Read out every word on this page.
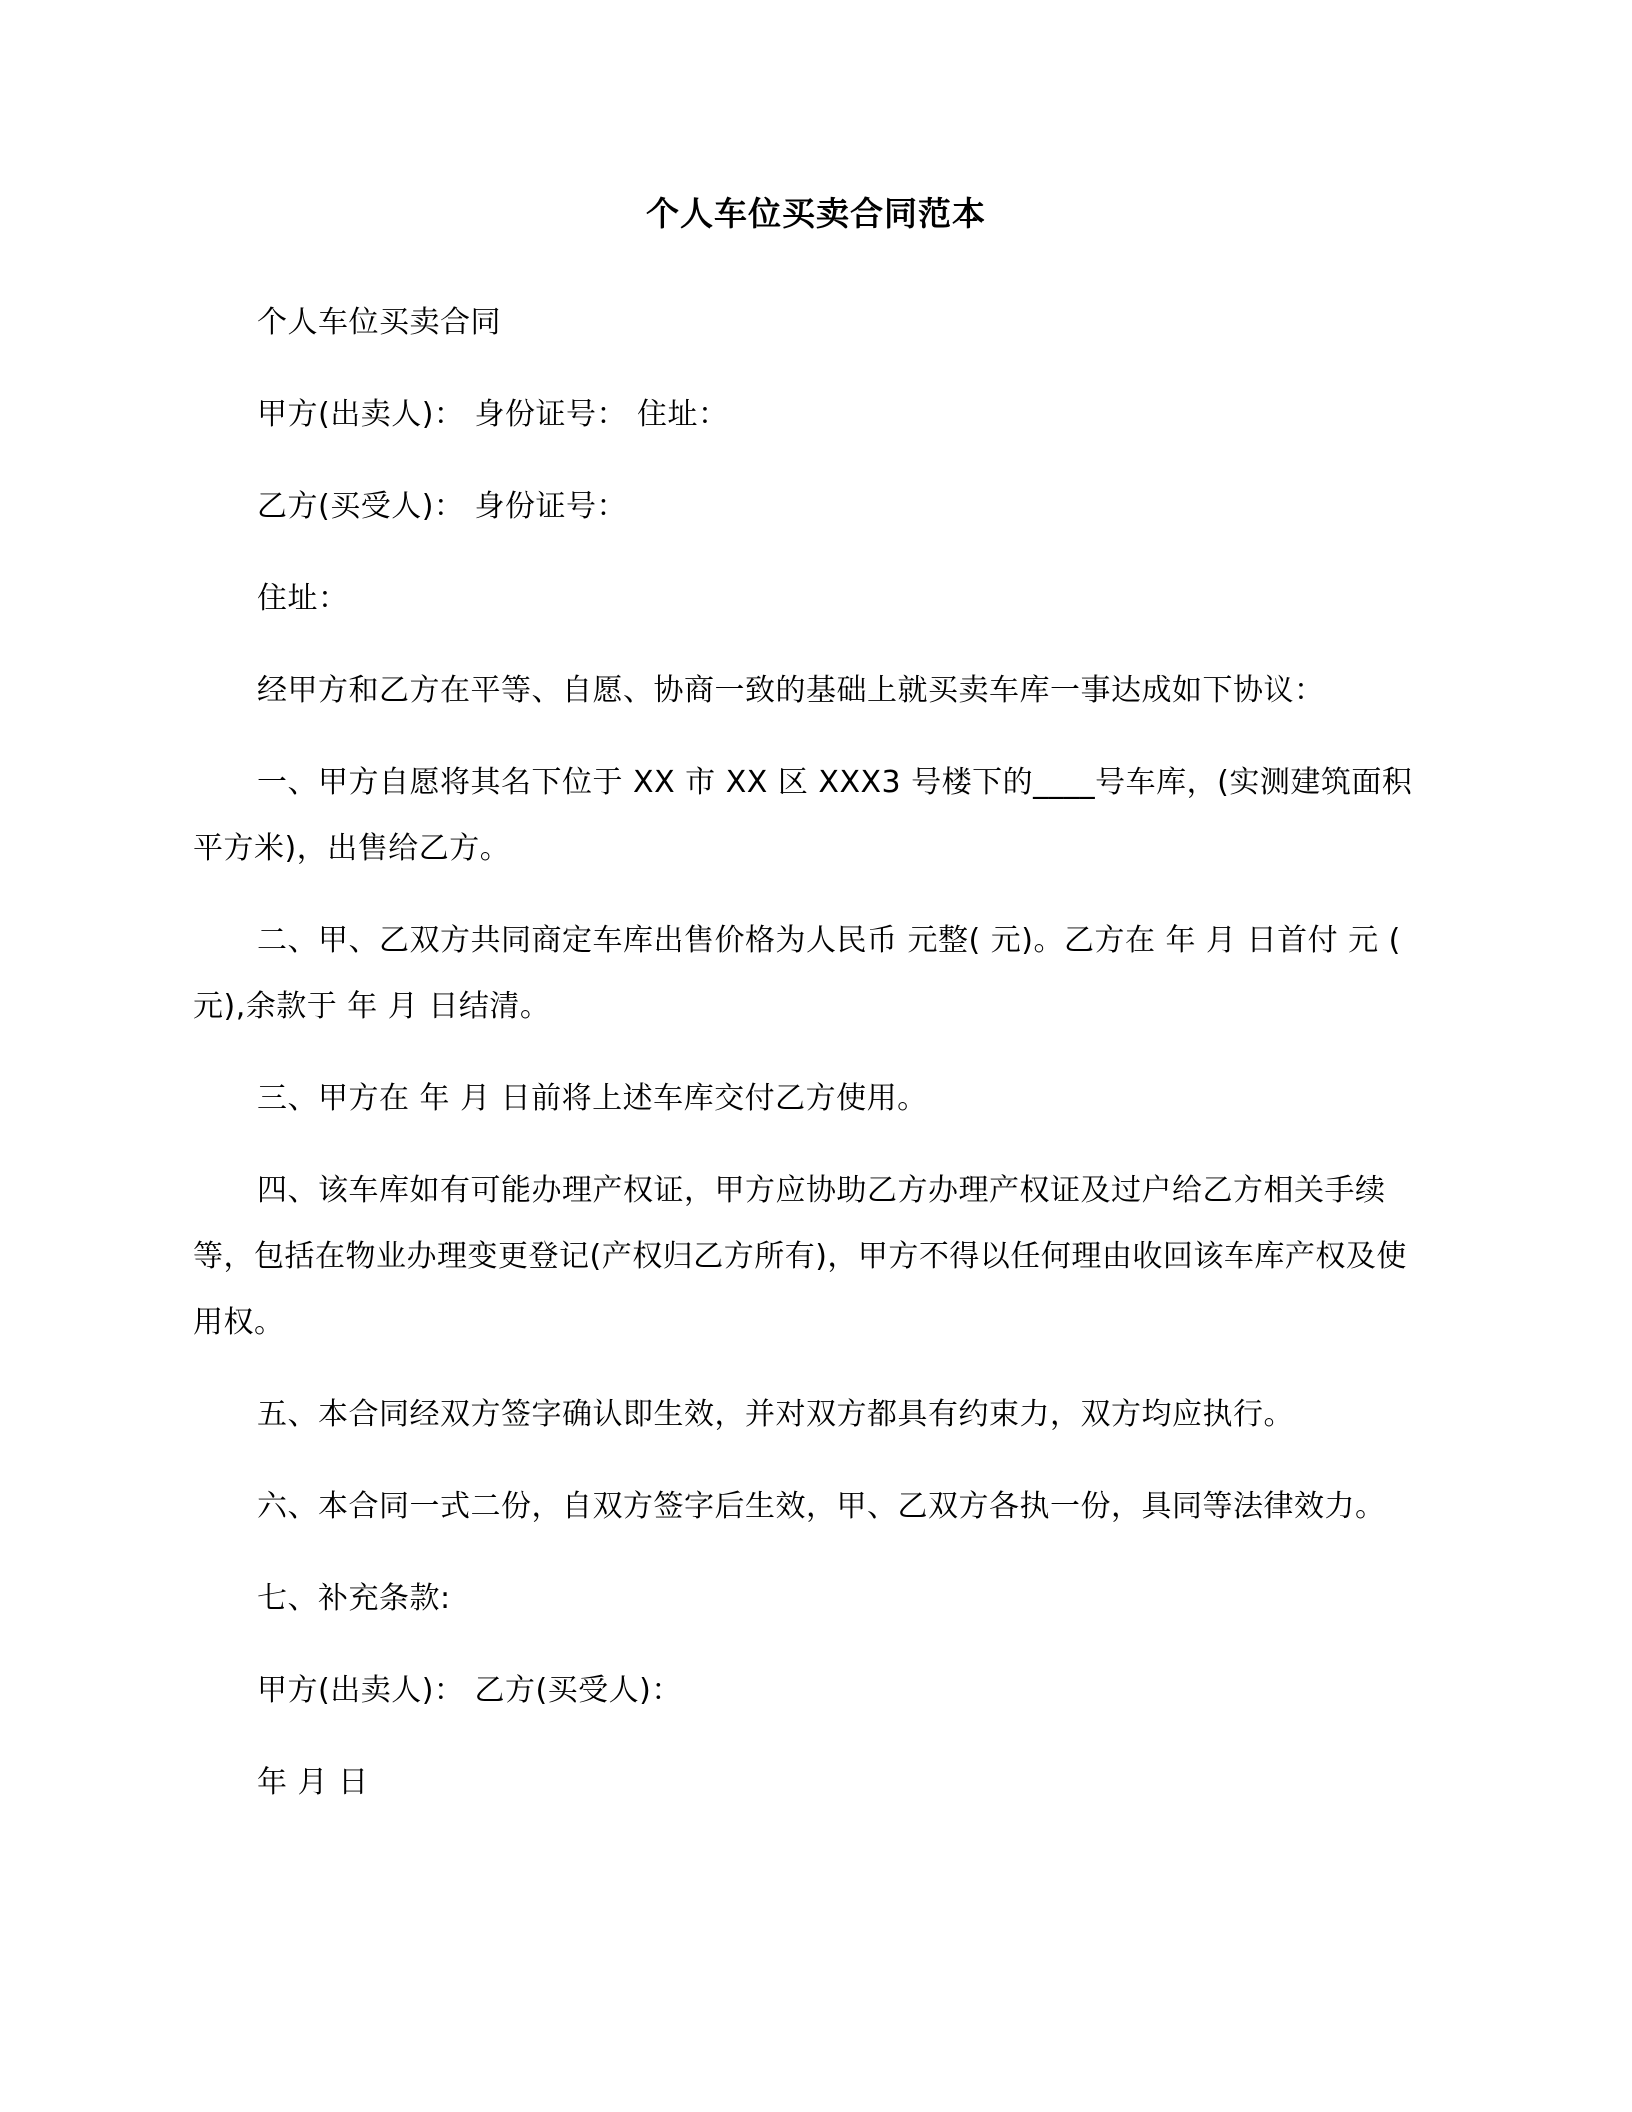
个人车位买卖合同范本

个人车位买卖合同

甲方(出卖人)： 身份证号： 住址：

乙方(买受人)： 身份证号：

住址：

经甲方和乙方在平等、自愿、协商一致的基础上就买卖车库一事达成如下协议：

一、甲方自愿将其名下位于 XX 市 XX 区 XXX3 号楼下的____号车库，(实测建筑面积 平方米)，出售给乙方。

二、甲、乙双方共同商定车库出售价格为人民币 元整( 元)。乙方在 年 月 日首付 元 ( 元),余款于 年 月 日结清。

三、甲方在 年 月 日前将上述车库交付乙方使用。

四、该车库如有可能办理产权证，甲方应协助乙方办理产权证及过户给乙方相关手续等，包括在物业办理变更登记(产权归乙方所有)，甲方不得以任何理由收回该车库产权及使用权。

五、本合同经双方签字确认即生效，并对双方都具有约束力，双方均应执行。

六、本合同一式二份，自双方签字后生效，甲、乙双方各执一份，具同等法律效力。

七、补充条款:

甲方(出卖人)： 乙方(买受人)：

年 月 日
